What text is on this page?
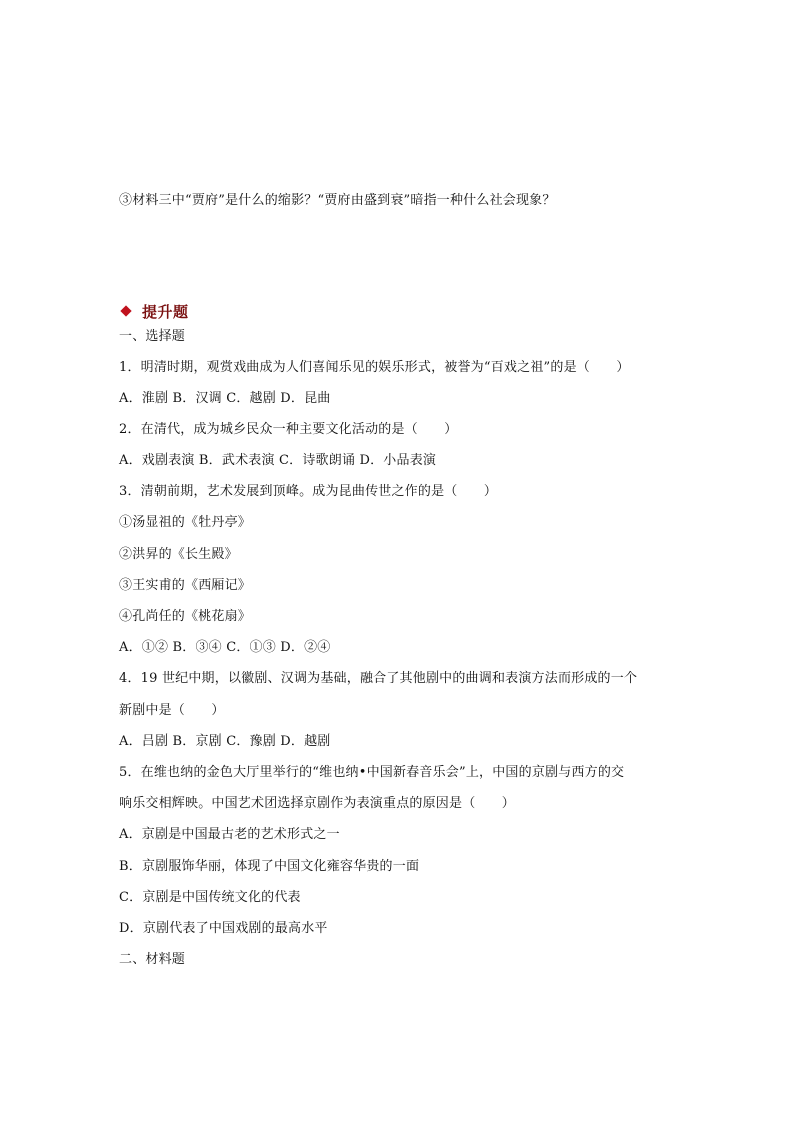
③材料三中“贾府”是什么的缩影？“贾府由盛到衰”暗指一种什么社会现象？
提升题
一、选择题
1．明清时期，观赏戏曲成为人们喜闻乐见的娱乐形式，被誉为“百戏之祖”的是（　　）
A．淮剧 B．汉调 C．越剧 D．昆曲
2．在清代，成为城乡民众一种主要文化活动的是（　　）
A．戏剧表演 B．武术表演 C．诗歌朗诵 D．小品表演
3．清朝前期，艺术发展到顶峰。成为昆曲传世之作的是（　　）
①汤显祖的《牡丹亭》
②洪昇的《长生殿》
③王实甫的《西厢记》
④孔尚任的《桃花扇》
A．①② B．③④ C．①③ D．②④
4．19 世纪中期，以徽剧、汉调为基础，融合了其他剧中的曲调和表演方法而形成的一个
新剧中是（　　）
A．吕剧 B．京剧 C．豫剧 D．越剧
5．在维也纳的金色大厅里举行的“维也纳•中国新春音乐会”上，中国的京剧与西方的交
响乐交相辉映。中国艺术团选择京剧作为表演重点的原因是（　　）
A．京剧是中国最古老的艺术形式之一
B．京剧服饰华丽，体现了中国文化雍容华贵的一面
C．京剧是中国传统文化的代表
D．京剧代表了中国戏剧的最高水平
二、材料题
